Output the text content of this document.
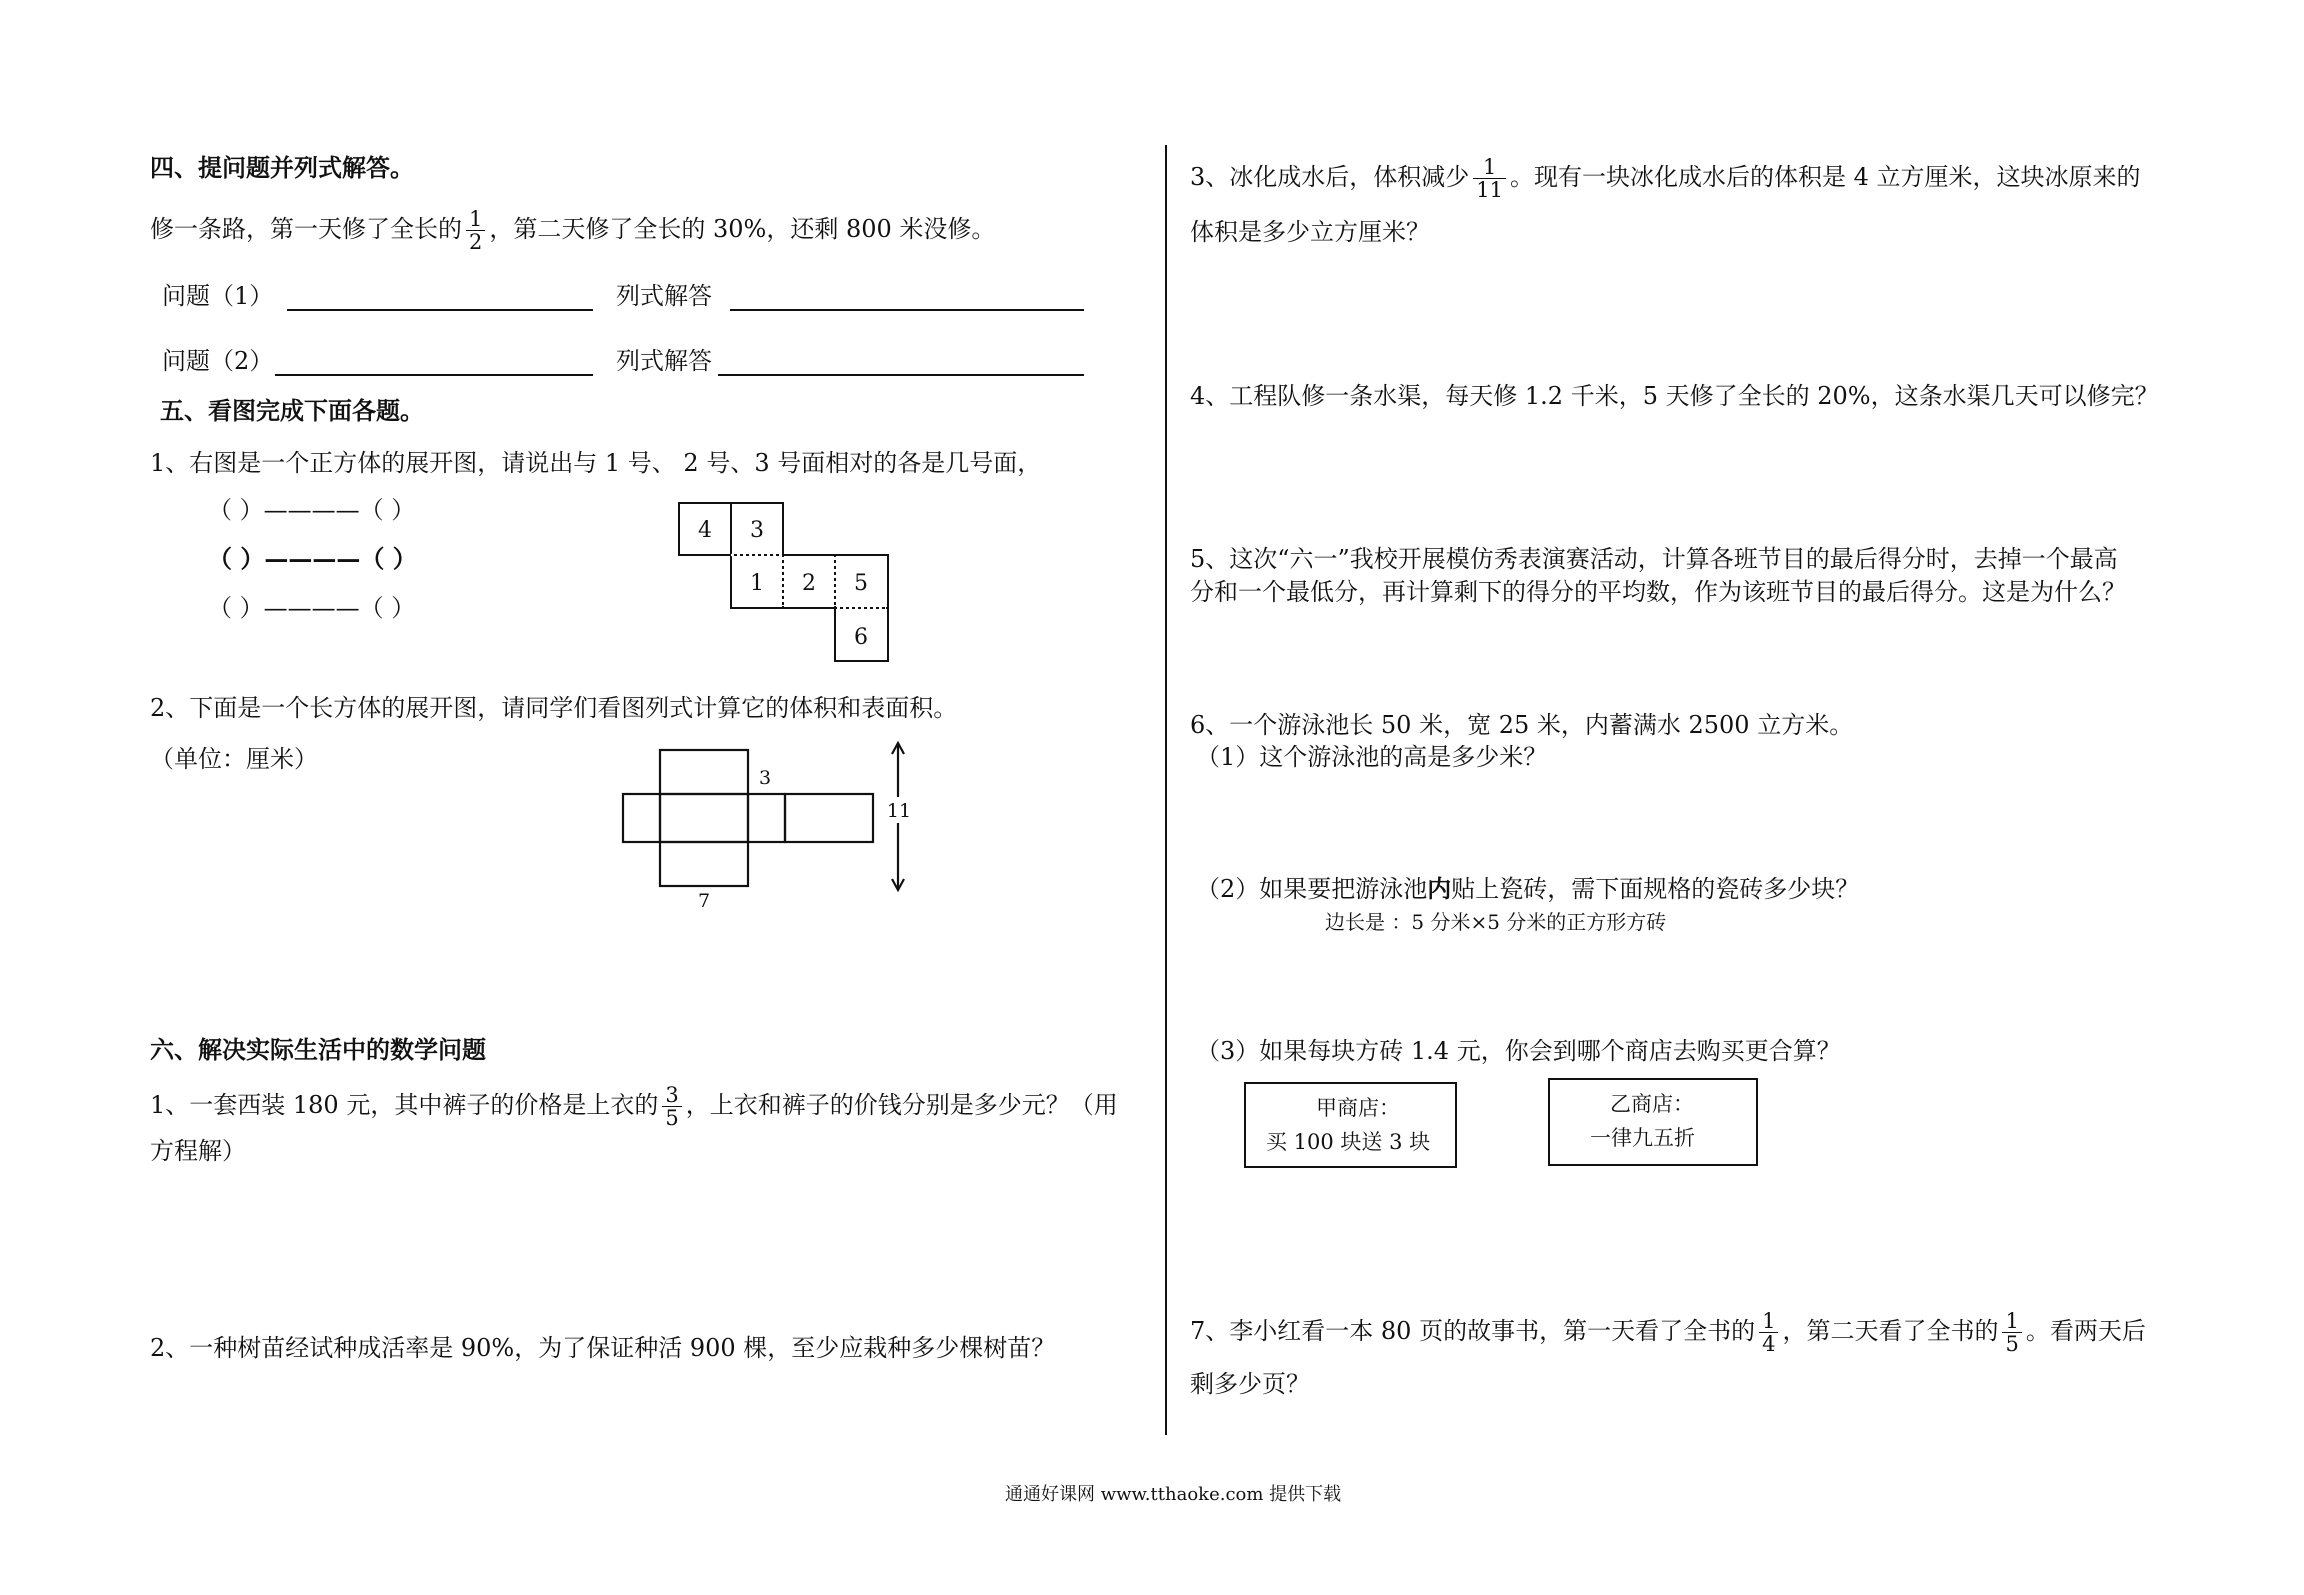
四、提问题并列式解答。
修一条路，第一天修了全长的 $\frac{1}{2}$ ，第二天修了全长的 30%，还剩 800 米没修。
问题（1）	列式解答
问题（2）	列式解答
五、看图完成下面各题。
1、右图是一个正方体的展开图，请说出与 1 号、 2 号、3 号面相对的各是几号面，
（ ）————（ ）
（ ）————（ ）
（ ）————（ ）
4 3
1 2 5
6
2、下面是一个长方体的展开图，请同学们看图列式计算它的体积和表面积。
（单位：厘米）
3
11
7
六、解决实际生活中的数学问题
1、一套西装 180 元，其中裤子的价格是上衣的 $\frac{3}{5}$ ，上衣和裤子的价钱分别是多少元？（用
方程解）
2、一种树苗经试种成活率是 90%，为了保证种活 900 棵，至少应栽种多少棵树苗？
3、冰化成水后，体积减少 $\frac{1}{11}$ 。现有一块冰化成水后的体积是 4 立方厘米，这块冰原来的
体积是多少立方厘米？
4、工程队修一条水渠，每天修 1.2 千米，5 天修了全长的 20%，这条水渠几天可以修完？
5、这次“六一”我校开展模仿秀表演赛活动，计算各班节目的最后得分时，去掉一个最高
分和一个最低分，再计算剩下的得分的平均数，作为该班节目的最后得分。这是为什么？
6、一个游泳池长 50 米，宽 25 米，内蓄满水 2500 立方米。
（1）这个游泳池的高是多少米？
（2）如果要把游泳池内贴上瓷砖，需下面规格的瓷砖多少块？
边长是 ：5 分米×5 分米的正方形方砖
（3）如果每块方砖 1.4 元，你会到哪个商店去购买更合算？
甲商店：
买 100 块送 3 块
乙商店：
一律九五折
7、李小红看一本 80 页的故事书，第一天看了全书的 $\frac{1}{4}$ ，第二天看了全书的 $\frac{1}{5}$ 。看两天后
剩多少页？
通通好课网 www.tthaoke.com 提供下载
